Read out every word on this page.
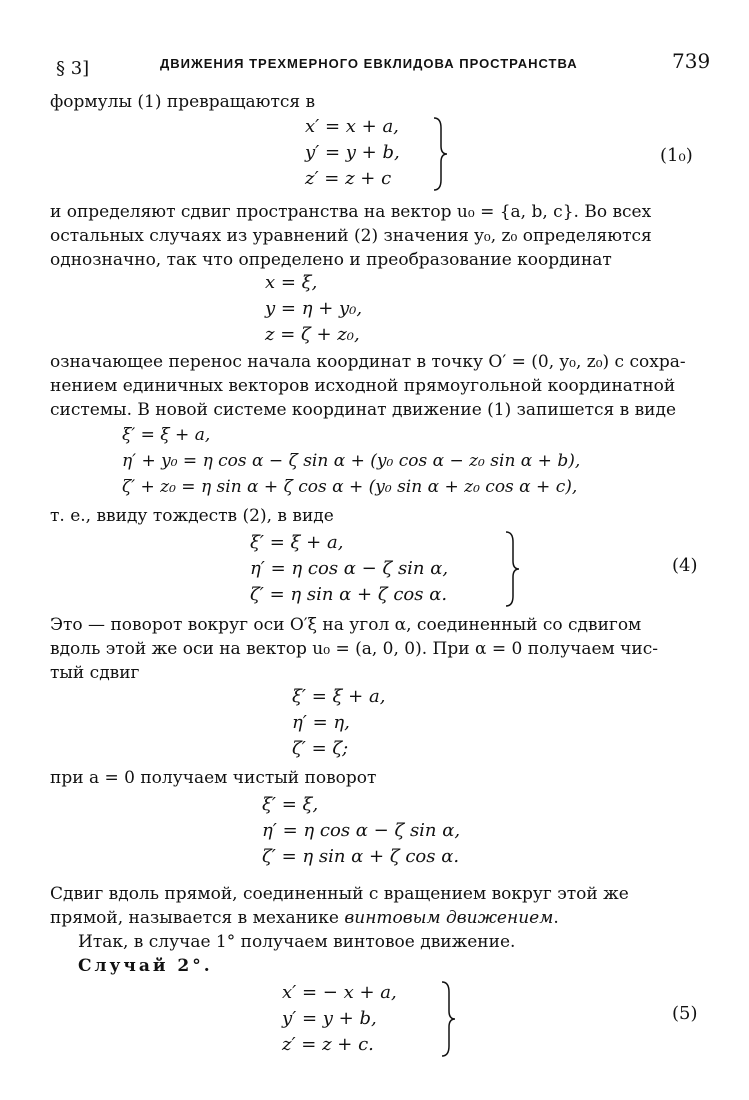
§ 3]	ДВИЖЕНИЯ ТРЕХМЕРНОГО ЕВКЛИДОВА ПРОСТРАНСТВА	739
формулы (1) превращаются в
x′ = x + a,
y′ = y + b,
z′ = z + c
(1₀)
и определяют сдвиг пространства на вектор u₀ = {a, b, c}. Во всех
остальных случаях из уравнений (2) значения y₀, z₀ определяются
однозначно, так что определено и преобразование координат
x = ξ,
y = η + y₀,
z = ζ + z₀,
означающее перенос начала координат в точку O′ = (0, y₀, z₀) с сохра-
нением единичных векторов исходной прямоугольной координатной
системы. В новой системе координат движение (1) запишется в виде
ξ′ = ξ + a,
η′ + y₀ = η cos α − ζ sin α + (y₀ cos α − z₀ sin α + b),
ζ′ + z₀ = η sin α + ζ cos α + (y₀ sin α + z₀ cos α + c),
т. е., ввиду тождеств (2), в виде
ξ′ = ξ + a,
η′ = η cos α − ζ sin α,
ζ′ = η sin α + ζ cos α.
(4)
Это — поворот вокруг оси O′ξ на угол α, соединенный со сдвигом
вдоль этой же оси на вектор u₀ = (a, 0, 0). При α = 0 получаем чис-
тый сдвиг
ξ′ = ξ + a,
η′ = η,
ζ′ = ζ;
при a = 0 получаем чистый поворот
ξ′ = ξ,
η′ = η cos α − ζ sin α,
ζ′ = η sin α + ζ cos α.
Сдвиг вдоль прямой, соединенный с вращением вокруг этой же
прямой, называется в механике винтовым движением.
Итак, в случае 1° получаем винтовое движение.
Случай 2°.
x′ = − x + a,
y′ = y + b,
z′ = z + c.
(5)
